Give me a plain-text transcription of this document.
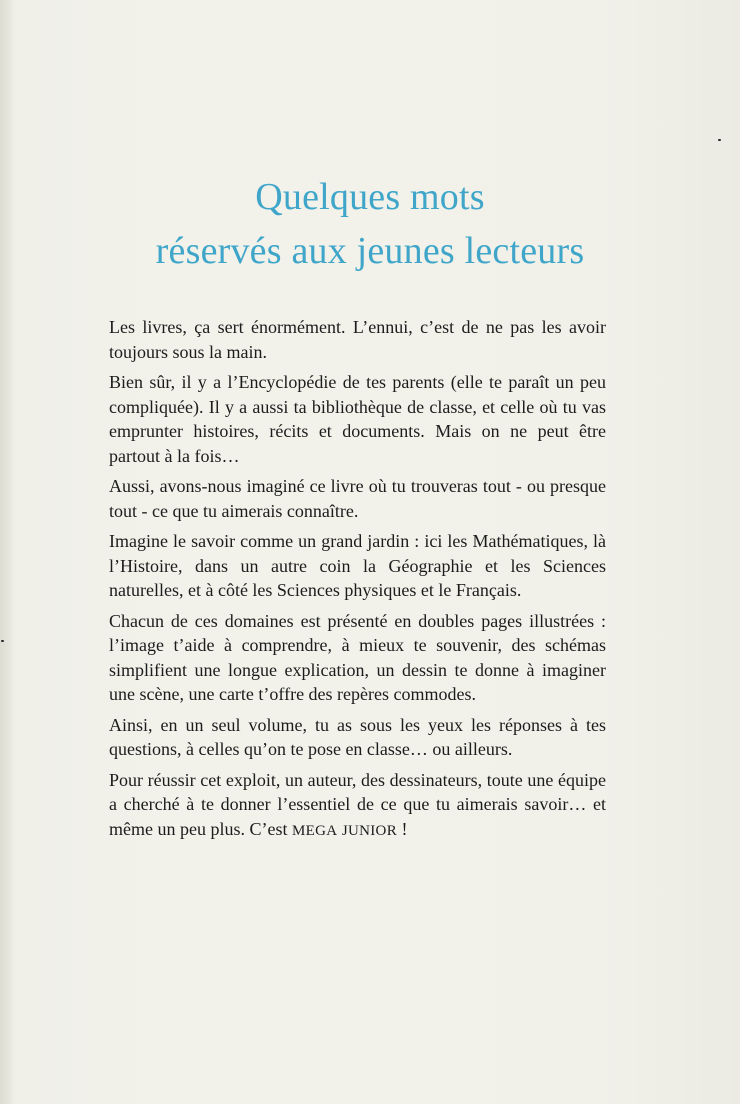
Quelques mots
réservés aux jeunes lecteurs

Les livres, ça sert énormément. L’ennui, c’est de ne pas les avoir toujours sous la main.

Bien sûr, il y a l’Encyclopédie de tes parents (elle te paraît un peu compliquée). Il y a aussi ta bibliothèque de classe, et celle où tu vas emprunter histoires, récits et documents. Mais on ne peut être partout à la fois…

Aussi, avons-nous imaginé ce livre où tu trouveras tout - ou presque tout - ce que tu aimerais connaître.

Imagine le savoir comme un grand jardin : ici les Mathématiques, là l’Histoire, dans un autre coin la Géographie et les Sciences naturelles, et à côté les Sciences physiques et le Français.

Chacun de ces domaines est présenté en doubles pages illustrées : l’image t’aide à comprendre, à mieux te souvenir, des schémas simplifient une longue explication, un dessin te donne à imaginer une scène, une carte t’offre des repères commodes.

Ainsi, en un seul volume, tu as sous les yeux les réponses à tes questions, à celles qu’on te pose en classe… ou ailleurs.

Pour réussir cet exploit, un auteur, des dessinateurs, toute une équipe a cherché à te donner l’essentiel de ce que tu aimerais savoir… et même un peu plus. C’est MEGA JUNIOR !
